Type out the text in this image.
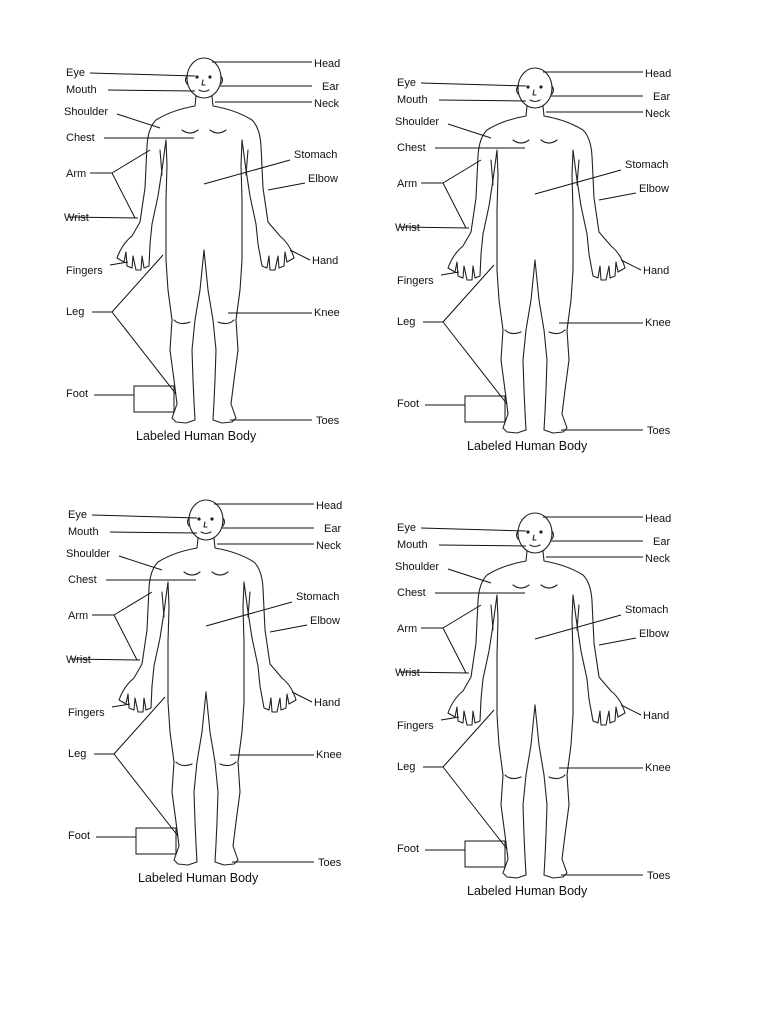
Head
Eye
Ear
Mouth
Neck
Shoulder
Chest
Stomach
Arm	Elbow
Wrist
Hand
Fingers
Leg	Knee
Foot
Toes
Labeled Human Body
Head
Eye
Ear
Mouth
Neck
Shoulder
Chest
Stomach
Arm	Elbow
Wrist
Hand
Fingers
Leg	Knee
Foot
Toes
Labeled Human Body
Head
Eye
Ear
Mouth
Neck
Shoulder
Chest
Stomach
Arm	Elbow
Wrist
Hand
Fingers
Leg	Knee
Foot
Toes
Labeled Human Body
Head
Eye
Ear
Mouth
Neck
Shoulder
Chest
Stomach
Arm	Elbow
Wrist
Hand
Fingers
Leg	Knee
Foot
Toes
Labeled Human Body
